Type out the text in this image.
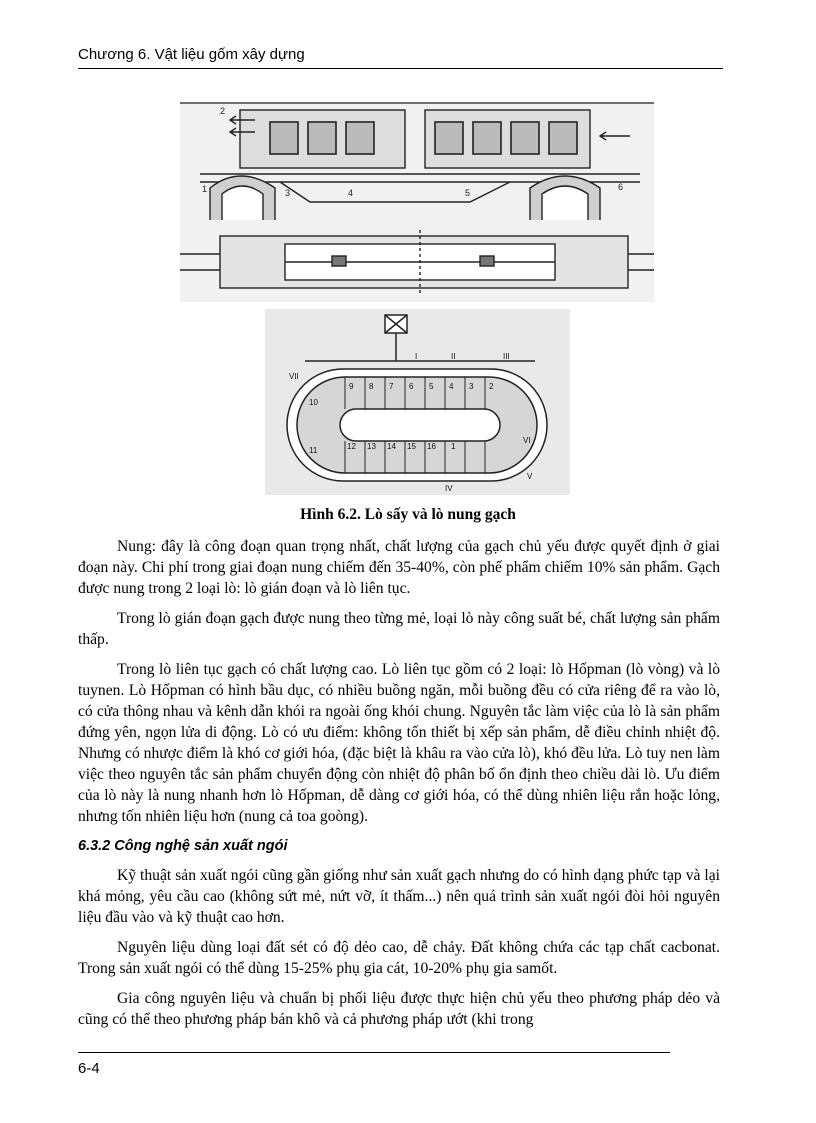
Chương 6. Vật liệu gốm xây dựng
2
1	3	4	5
6
9 8 7 6 5 4 3 2
12 13 14 15 16 1
10
11
VII
VI
I	II	III
IV
V
Hình 6.2. Lò sấy và lò nung gạch

Nung: đây là công đoạn quan trọng nhất, chất lượng của gạch chủ yếu được quyết định ở giai đoạn này. Chi phí trong giai đoạn nung chiếm đến 35-40%, còn phế phẩm chiếm 10% sản phẩm. Gạch được nung trong 2 loại lò: lò gián đoạn và lò liên tục.

Trong lò gián đoạn gạch được nung theo từng mẻ, loại lò này công suất bé, chất lượng sản phẩm thấp.

Trong lò liên tục gạch có chất lượng cao. Lò liên tục gồm có 2 loại: lò Hốpman (lò vòng) và lò tuynen. Lò Hốpman có hình bầu dục, có nhiều buồng ngăn, mỗi buồng đều có cửa riêng để ra vào lò, có cửa thông nhau và kênh dẫn khói ra ngoài ống khói chung. Nguyên tắc làm việc của lò là sản phẩm đứng yên, ngọn lửa di động. Lò có ưu điểm: không tốn thiết bị xếp sản phẩm, dễ điều chỉnh nhiệt độ. Nhưng có nhược điểm là khó cơ giới hóa, (đặc biệt là khâu ra vào cửa lò), khó đều lửa. Lò tuy nen làm việc theo nguyên tắc sản phẩm chuyển động còn nhiệt độ phân bố ổn định theo chiều dài lò. Ưu điểm của lò này là nung nhanh hơn lò Hốpman, dễ dàng cơ giới hóa, có thể dùng nhiên liệu rắn hoặc lỏng, nhưng tốn nhiên liệu hơn (nung cả toa goòng).

6.3.2 Công nghệ sản xuất ngói

Kỹ thuật sản xuất ngói cũng gần giống như sản xuất gạch nhưng do có hình dạng phức tạp và lại khá mỏng, yêu cầu cao (không sứt mẻ, nứt vỡ, ít thấm...) nên quá trình sản xuất ngói đòi hỏi nguyên liệu đầu vào và kỹ thuật cao hơn.

Nguyên liệu dùng loại đất sét có độ dẻo cao, dễ chảy. Đất không chứa các tạp chất cacbonat. Trong sản xuất ngói có thể dùng 15-25% phụ gia cát, 10-20% phụ gia samốt.

Gia công nguyên liệu và chuẩn bị phối liệu được thực hiện chủ yếu theo phương pháp dẻo và cũng có thể theo phương pháp bán khô và cả phương pháp ướt (khi trong

6-4
